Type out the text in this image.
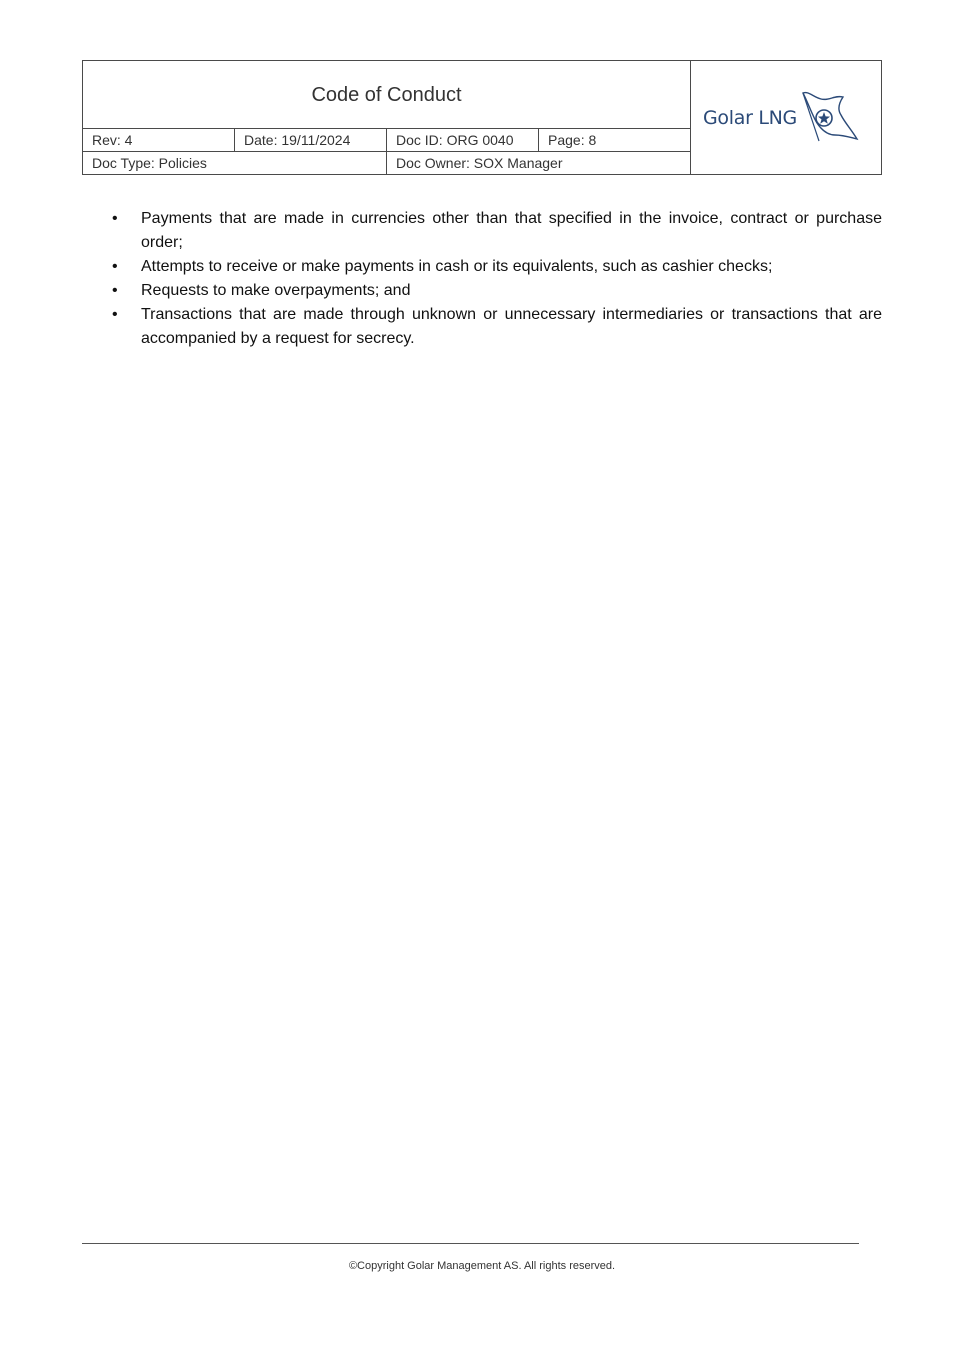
Code of Conduct
Rev: 4	Date: 19/11/2024	Doc ID: ORG 0040	Page: 8
Doc Type: Policies	Doc Owner: SOX Manager
Golar LNG
• Payments that are made in currencies other than that specified in the invoice, contract or purchase order;
• Attempts to receive or make payments in cash or its equivalents, such as cashier checks;
• Requests to make overpayments; and
• Transactions that are made through unknown or unnecessary intermediaries or transactions that are accompanied by a request for secrecy.
©Copyright Golar Management AS. All rights reserved.
